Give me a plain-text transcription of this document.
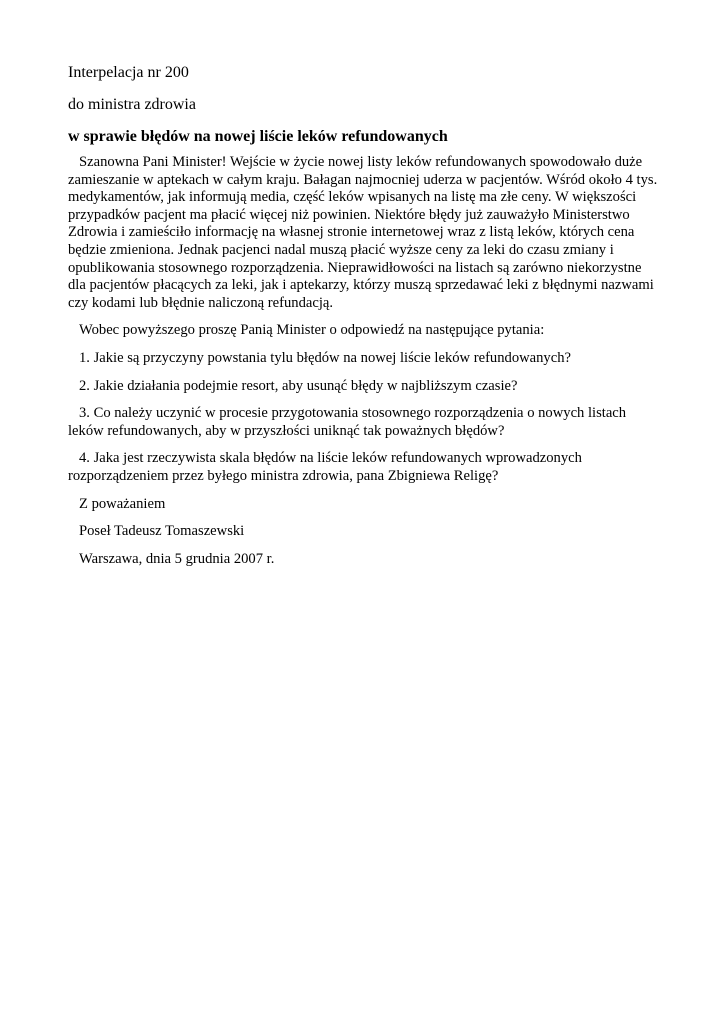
Interpelacja nr 200

do ministra zdrowia

w sprawie błędów na nowej liście leków refundowanych

Szanowna Pani Minister! Wejście w życie nowej listy leków refundowanych spowodowało duże zamieszanie w aptekach w całym kraju. Bałagan najmocniej uderza w pacjentów. Wśród około 4 tys. medykamentów, jak informują media, część leków wpisanych na listę ma złe ceny. W większości przypadków pacjent ma płacić więcej niż powinien. Niektóre błędy już zauważyło Ministerstwo Zdrowia i zamieściło informację na własnej stronie internetowej wraz z listą leków, których cena będzie zmieniona. Jednak pacjenci nadal muszą płacić wyższe ceny za leki do czasu zmiany i opublikowania stosownego rozporządzenia. Nieprawidłowości na listach są zarówno niekorzystne dla pacjentów płacących za leki, jak i aptekarzy, którzy muszą sprzedawać leki z błędnymi nazwami czy kodami lub błędnie naliczoną refundacją.

Wobec powyższego proszę Panią Minister o odpowiedź na następujące pytania:

1. Jakie są przyczyny powstania tylu błędów na nowej liście leków refundowanych?

2. Jakie działania podejmie resort, aby usunąć błędy w najbliższym czasie?

3. Co należy uczynić w procesie przygotowania stosownego rozporządzenia o nowych listach leków refundowanych, aby w przyszłości uniknąć tak poważnych błędów?

4. Jaka jest rzeczywista skala błędów na liście leków refundowanych wprowadzonych rozporządzeniem przez byłego ministra zdrowia, pana Zbigniewa Religę?

Z poważaniem

Poseł Tadeusz Tomaszewski

Warszawa, dnia 5 grudnia 2007 r.
